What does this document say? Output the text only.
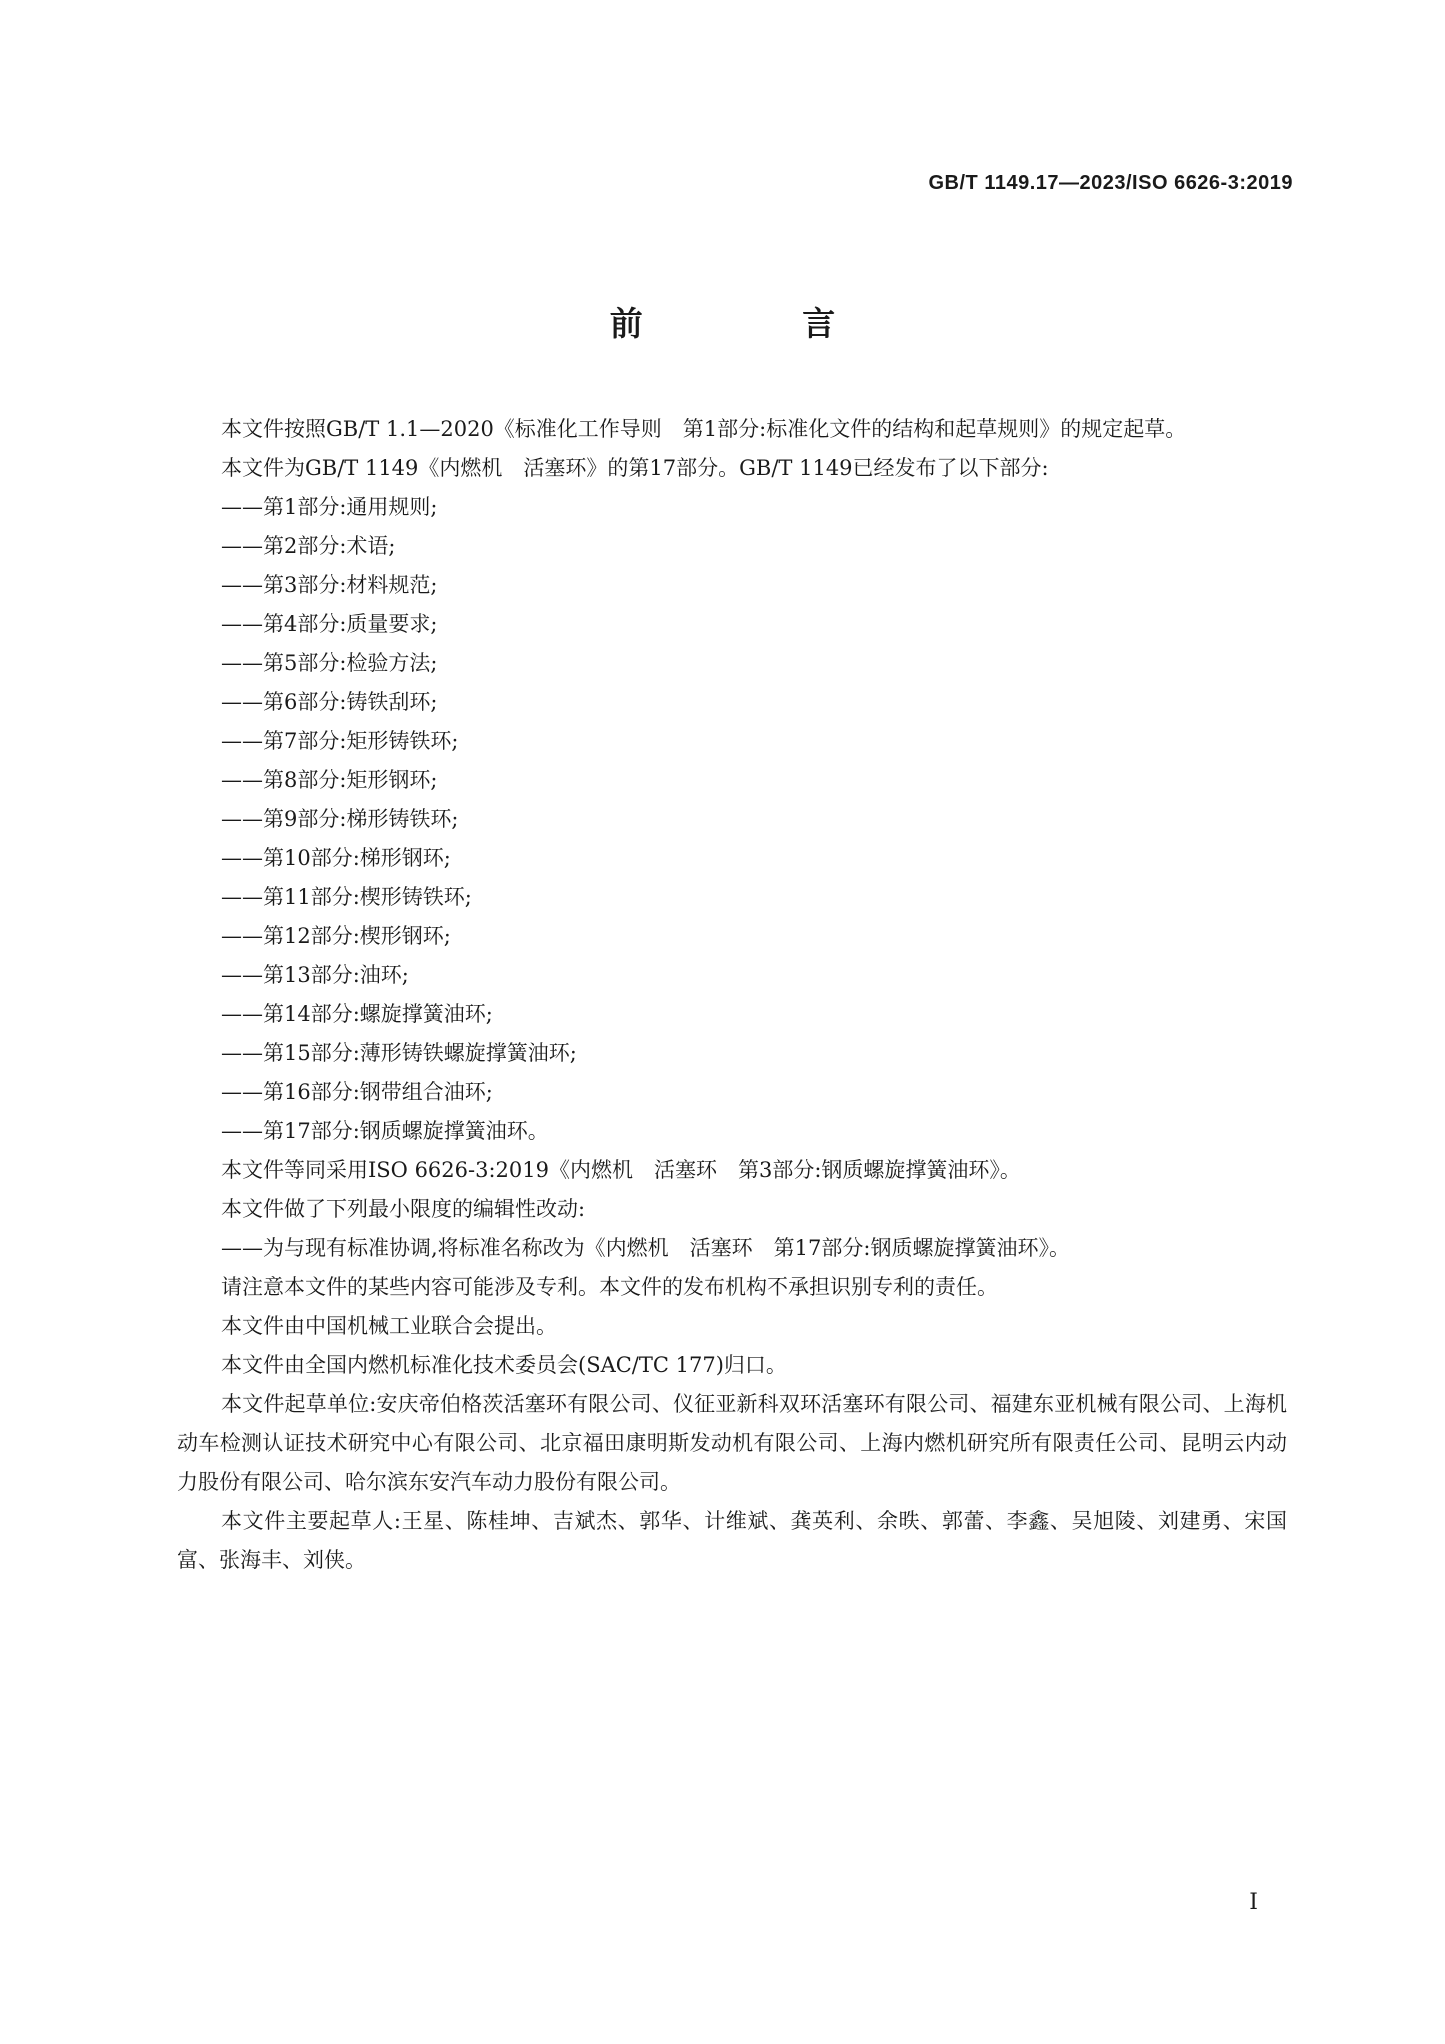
GB/T 1149.17—2023/ISO 6626-3:2019
前 言

本文件按照GB/T 1.1—2020《标准化工作导则　第1部分:标准化文件的结构和起草规则》的规定起草。

本文件为GB/T 1149《内燃机　活塞环》的第17部分。GB/T 1149已经发布了以下部分:

——第1部分:通用规则;

——第2部分:术语;

——第3部分:材料规范;

——第4部分:质量要求;

——第5部分:检验方法;

——第6部分:铸铁刮环;

——第7部分:矩形铸铁环;

——第8部分:矩形钢环;

——第9部分:梯形铸铁环;

——第10部分:梯形钢环;

——第11部分:楔形铸铁环;

——第12部分:楔形钢环;

——第13部分:油环;

——第14部分:螺旋撑簧油环;

——第15部分:薄形铸铁螺旋撑簧油环;

——第16部分:钢带组合油环;

——第17部分:钢质螺旋撑簧油环。

本文件等同采用ISO 6626-3:2019《内燃机　活塞环　第3部分:钢质螺旋撑簧油环》。

本文件做了下列最小限度的编辑性改动:

——为与现有标准协调,将标准名称改为《内燃机　活塞环　第17部分:钢质螺旋撑簧油环》。

请注意本文件的某些内容可能涉及专利。本文件的发布机构不承担识别专利的责任。

本文件由中国机械工业联合会提出。

本文件由全国内燃机标准化技术委员会(SAC/TC 177)归口。

本文件起草单位:安庆帝伯格茨活塞环有限公司、仪征亚新科双环活塞环有限公司、福建东亚机械有限公司、上海机动车检测认证技术研究中心有限公司、北京福田康明斯发动机有限公司、上海内燃机研究所有限责任公司、昆明云内动力股份有限公司、哈尔滨东安汽车动力股份有限公司。

本文件主要起草人:王星、陈桂坤、吉斌杰、郭华、计维斌、龚英利、余昳、郭蕾、李鑫、吴旭陵、刘建勇、宋国富、张海丰、刘侠。

I
